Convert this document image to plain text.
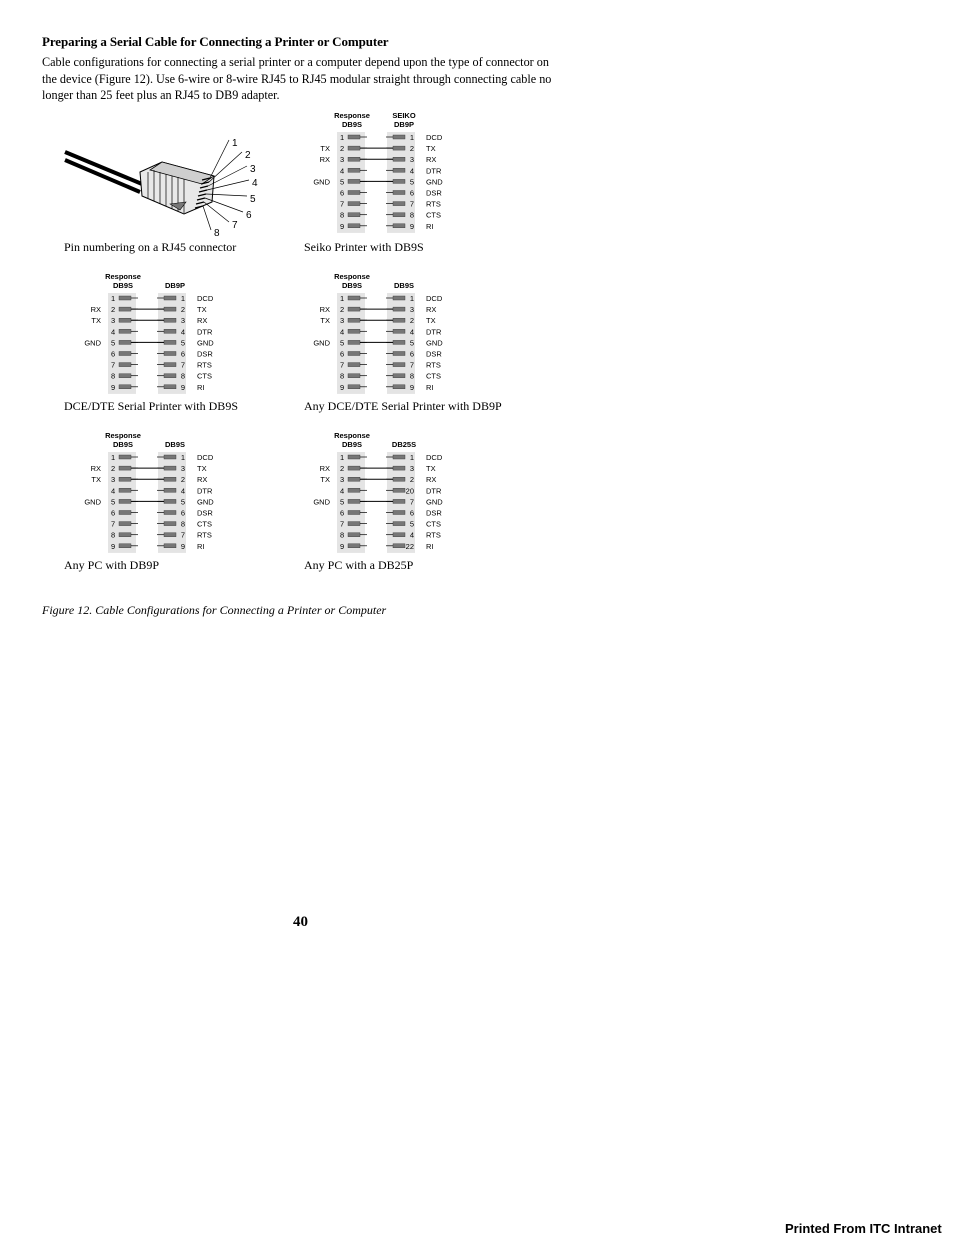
Preparing a Serial Cable for Connecting a Printer or Computer
Cable configurations for connecting a serial printer or a computer depend upon the type of connector on the device (Figure 12). Use 6-wire or 8-wire RJ45 to RJ45 modular straight through connecting cable no longer than 25 feet plus an RJ45 to DB9 adapter.
1
2
3
4
5
6
7
8
Pin numbering on a RJ45 connector
Response
DB9S
SEIKO
DB9P
1	1 DCD
TX 2	2 TX
RX 3	3 RX
4	4 DTR
GND 5	5 GND
6	6 DSR
7	7 RTS
8	8 CTS
9	9 RI
Seiko Printer with DB9S
Response
DB9S	DB9P
1	1 DCD
RX 2	2 TX
TX 3	3 RX
4	4 DTR
GND 5	5 GND
6	6 DSR
7	7 RTS
8	8 CTS
9	9 RI
DCE/DTE Serial Printer with DB9S
Response
DB9S	DB9S
1	1 DCD
RX 2	3 RX
TX 3	2 TX
4	4 DTR
GND 5	5 GND
6	6 DSR
7	7 RTS
8	8 CTS
9	9 RI
Any DCE/DTE Serial Printer with DB9P
Response
DB9S	DB9S
1	1 DCD
RX 2	3 TX
TX 3	2 RX
4	4 DTR
GND 5	5 GND
6	6 DSR
7	8 CTS
8	7 RTS
9	9 RI
Any PC with DB9P
Response
DB9S	DB25S
1	1 DCD
RX 2	3 TX
TX 3	2 RX
4	20 DTR
GND 5	7 GND
6	6 DSR
7	5 CTS
8	4 RTS
9	22 RI
Any PC with a DB25P
Figure 12. Cable Configurations for Connecting a Printer or Computer
40
Printed From ITC Intranet
